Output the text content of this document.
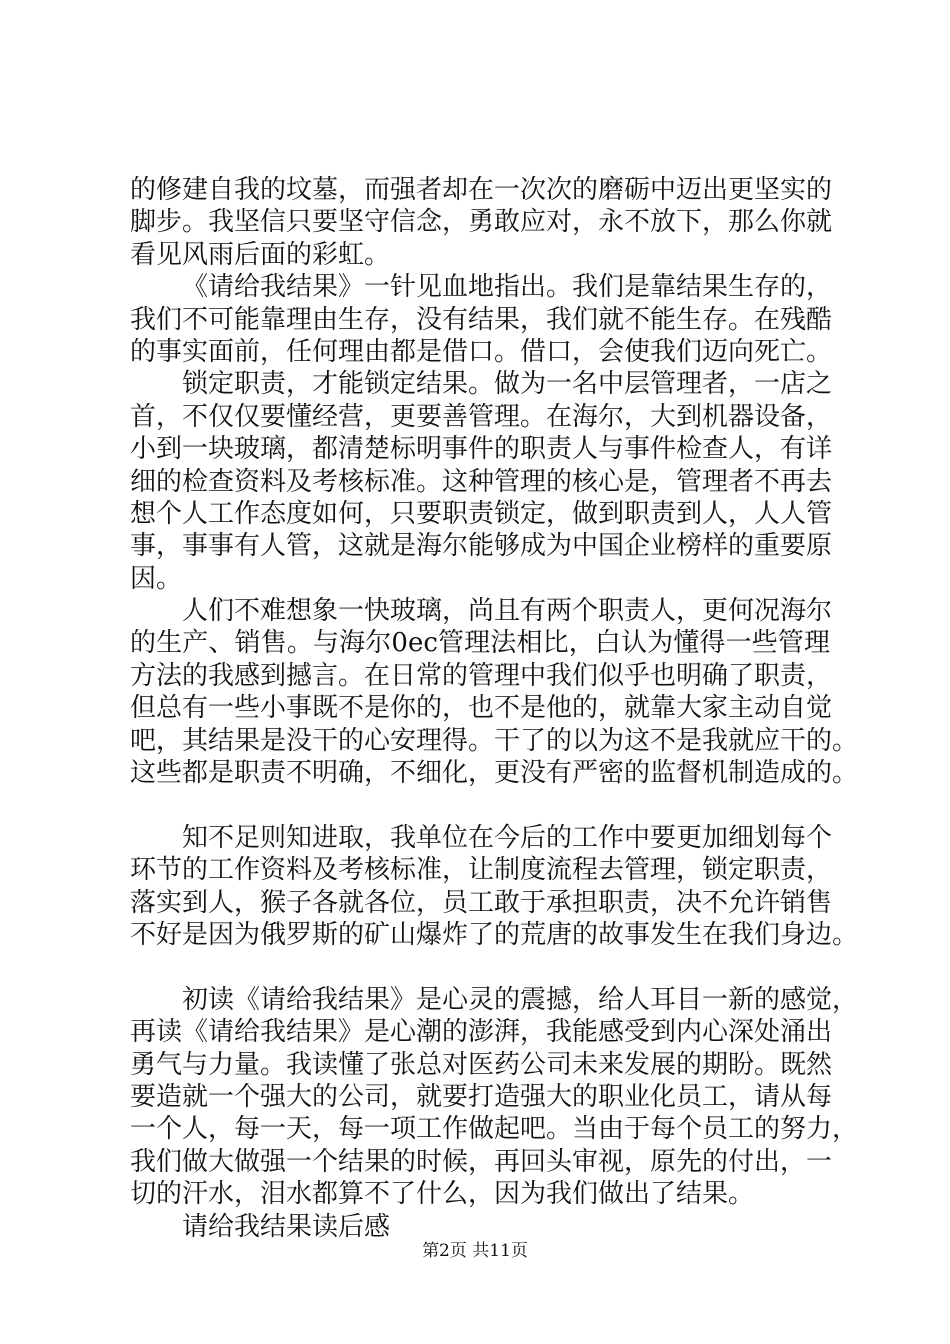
的修建自我的坟墓，而强者却在一次次的磨砺中迈出更坚实的
脚步。我坚信只要坚守信念，勇敢应对，永不放下，那么你就
看见风雨后面的彩虹。
《请给我结果》一针见血地指出。我们是靠结果生存的，
我们不可能靠理由生存，没有结果，我们就不能生存。在残酷
的事实面前，任何理由都是借口。借口，会使我们迈向死亡。
锁定职责，才能锁定结果。做为一名中层管理者，一店之
首，不仅仅要懂经营，更要善管理。在海尔，大到机器设备，
小到一块玻璃，都清楚标明事件的职责人与事件检查人，有详
细的检查资料及考核标准。这种管理的核心是，管理者不再去
想个人工作态度如何，只要职责锁定，做到职责到人，人人管
事，事事有人管，这就是海尔能够成为中国企业榜样的重要原
因。
人们不难想象一快玻璃，尚且有两个职责人，更何况海尔
的生产、销售。与海尔0ec管理法相比，白认为懂得一些管理
方法的我感到撼言。在日常的管理中我们似乎也明确了职责，
但总有一些小事既不是你的，也不是他的，就靠大家主动自觉
吧，其结果是没干的心安理得。干了的以为这不是我就应干的。
这些都是职责不明确，不细化，更没有严密的监督机制造成的。
知不足则知进取，我单位在今后的工作中要更加细划每个
环节的工作资料及考核标准，让制度流程去管理，锁定职责，
落实到人，猴子各就各位，员工敢于承担职责，决不允许销售
不好是因为俄罗斯的矿山爆炸了的荒唐的故事发生在我们身边。
初读《请给我结果》是心灵的震撼，给人耳目一新的感觉，
再读《请给我结果》是心潮的澎湃，我能感受到内心深处涌出
勇气与力量。我读懂了张总对医药公司未来发展的期盼。既然
要造就一个强大的公司，就要打造强大的职业化员工，请从每
一个人，每一天，每一项工作做起吧。当由于每个员工的努力，
我们做大做强一个结果的时候，再回头审视，原先的付出，一
切的汗水，泪水都算不了什么，因为我们做出了结果。
请给我结果读后感
第2页 共11页
